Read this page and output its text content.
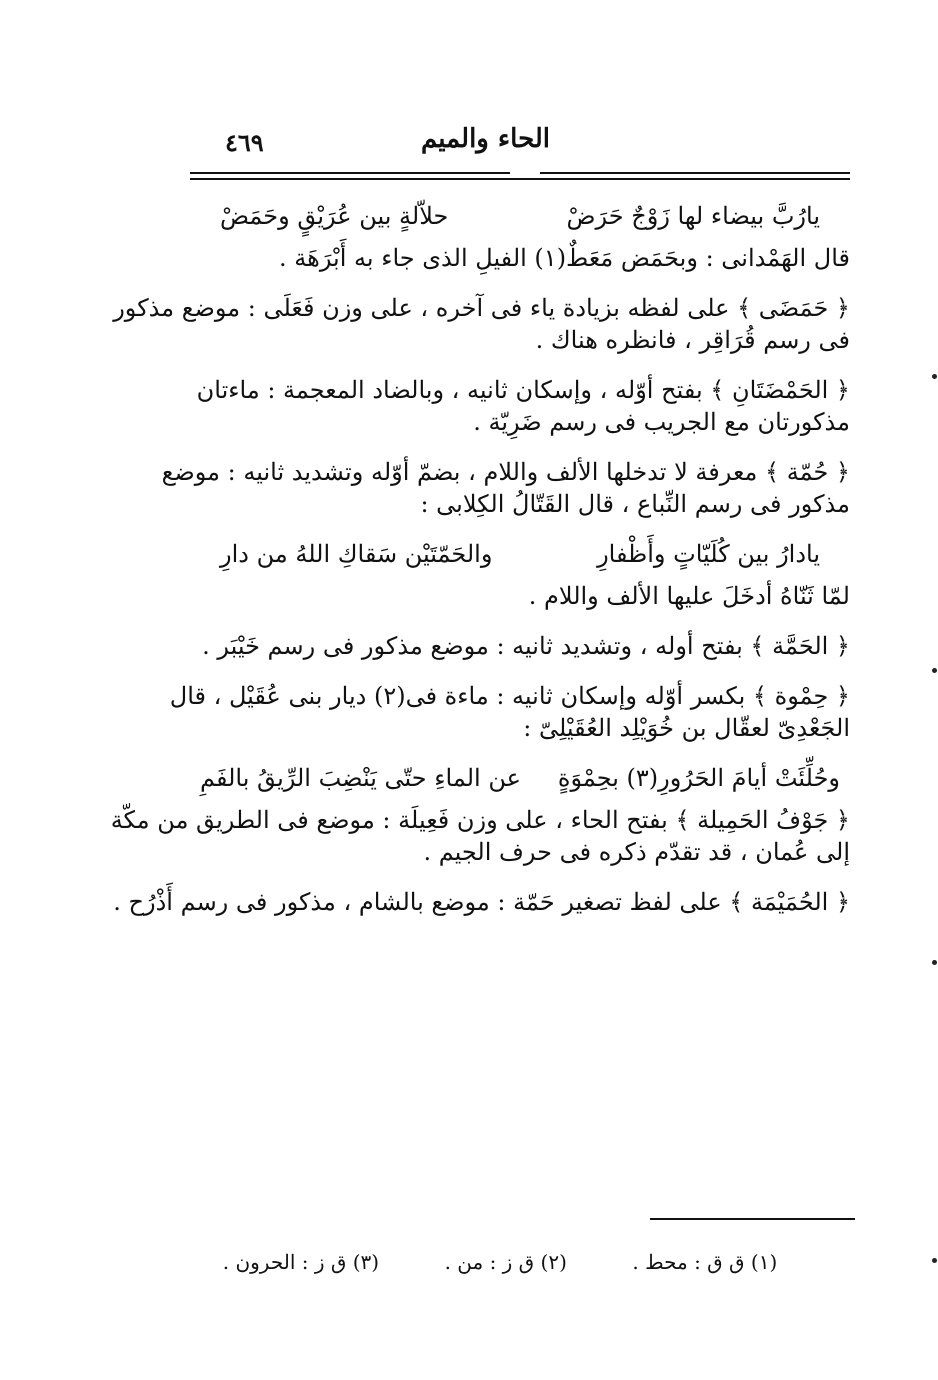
الحاء والميم
٤٦٩
يارُبَّ بيضاء لها زَوْجٌ حَرَضْ
حلاّلةٍ بين عُرَيْقٍ وحَمَضْ

قال الهَمْدانى : وبحَمَض مَعَطٌ(١) الفيلِ الذى جاء به أَبْرَهَة .

﴿ حَمَضَى ﴾ على لفظه بزيادة ياء فى آخره ، على وزن فَعَلَى : موضع مذكور

فى رسم قُرَاقِر ، فانظره هناك .

﴿ الحَمْضَتَانِ ﴾ بفتح أوّله ، وإسكان ثانيه ، وبالضاد المعجمة : ماءتان

مذكورتان مع الجريب فى رسم ضَرِيّة .

﴿ حُمّة ﴾ معرفة لا تدخلها الألف واللام ، بضمّ أوّله وتشديد ثانيه : موضع

مذكور فى رسم النِّباع ، قال القَتّالُ الكِلابى :

يادارُ بين كُلَيّاتٍ وأَظْفارِ
والحَمّتَيْن سَقاكِ اللهُ من دارِ

لمّا ثَنّاهُ أدخَلَ عليها الألف واللام .

﴿ الحَمَّة ﴾ بفتح أوله ، وتشديد ثانيه : موضع مذكور فى رسم خَيْبَر .

﴿ حِمْوة ﴾ بكسر أوّله وإسكان ثانيه : ماءة فى(٢) ديار بنى عُقَيْل ، قال

الجَعْدِىّ لعقّال بن خُوَيْلِد العُقَيْلِىّ :

وحُلِّئَتْ أيامَ الحَرُورِ(٣) بحِمْوَةٍ
عن الماءِ حتّى يَنْضِبَ الرِّيقُ بالفَمِ

﴿ جَوْفُ الحَمِيلة ﴾ بفتح الحاء ، على وزن فَعِيلَة : موضع فى الطريق من مكّة

إلى عُمان ، قد تقدّم ذكره فى حرف الجيم .

﴿ الحُمَيْمَة ﴾ على لفظ تصغير حَمّة : موضع بالشام ، مذكور فى رسم أَذْرُح .

(١) ق ق : محط .
(٢) ق ز : من .
(٣) ق ز : الحرون .
